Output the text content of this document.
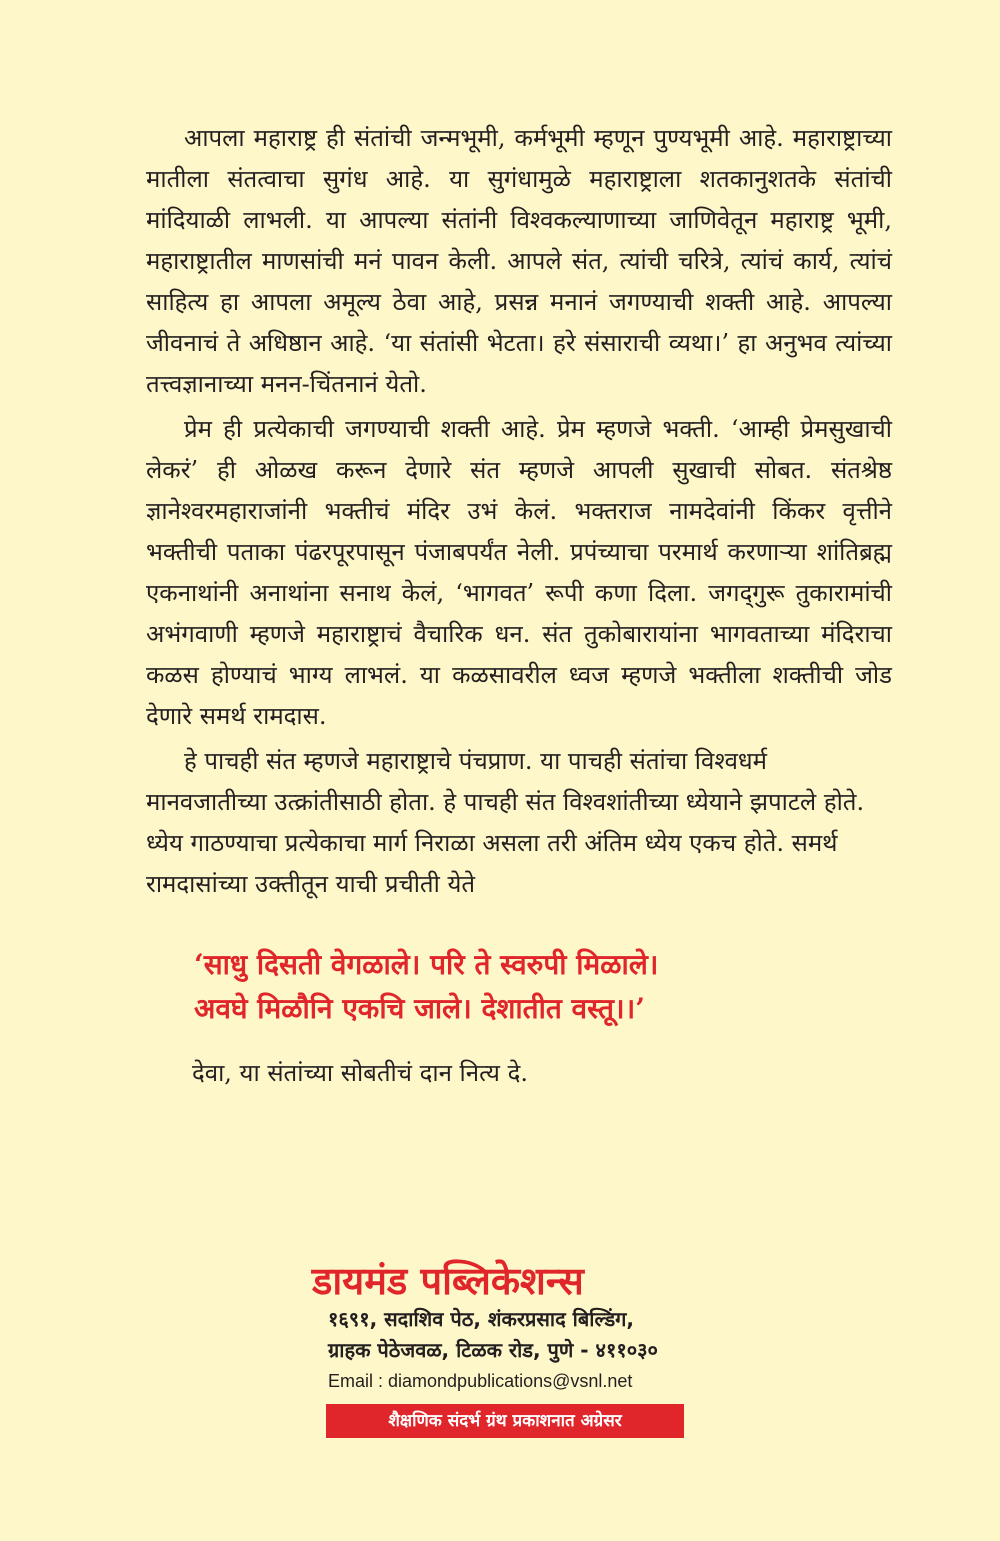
आपला महाराष्ट्र ही संतांची जन्मभूमी, कर्मभूमी म्हणून पुण्यभूमी आहे. महाराष्ट्राच्या मातीला संतत्वाचा सुगंध आहे. या सुगंधामुळे महाराष्ट्राला शतकानुशतके संतांची मांदियाळी लाभली. या आपल्या संतांनी विश्वकल्याणाच्या जाणिवेतून महाराष्ट्र भूमी, महाराष्ट्रातील माणसांची मनं पावन केली. आपले संत, त्यांची चरित्रे, त्यांचं कार्य, त्यांचं साहित्य हा आपला अमूल्य ठेवा आहे, प्रसन्न मनानं जगण्याची शक्ती आहे. आपल्या जीवनाचं ते अधिष्ठान आहे. ‘या संतांसी भेटता। हरे संसाराची व्यथा।’ हा अनुभव त्यांच्या तत्त्वज्ञानाच्या मनन-चिंतनानं येतो.

प्रेम ही प्रत्येकाची जगण्याची शक्ती आहे. प्रेम म्हणजे भक्ती. ‘आम्ही प्रेमसुखाची लेकरं’ ही ओळख करून देणारे संत म्हणजे आपली सुखाची सोबत. संतश्रेष्ठ ज्ञानेश्वरमहाराजांनी भक्तीचं मंदिर उभं केलं. भक्तराज नामदेवांनी किंकर वृत्तीने भक्तीची पताका पंढरपूरपासून पंजाबपर्यंत नेली. प्रपंच्याचा परमार्थ करणाऱ्या शांतिब्रह्म एकनाथांनी अनाथांना सनाथ केलं, ‘भागवत’ रूपी कणा दिला. जगद्‌गुरू तुकारामांची अभंगवाणी म्हणजे महाराष्ट्राचं वैचारिक धन. संत तुकोबारायांना भागवताच्या मंदिराचा कळस होण्याचं भाग्य लाभलं. या कळसावरील ध्वज म्हणजे भक्तीला शक्तीची जोड देणारे समर्थ रामदास.

हे पाचही संत म्हणजे महाराष्ट्राचे पंचप्राण. या पाचही संतांचा विश्वधर्म मानवजातीच्या उत्क्रांतीसाठी होता. हे पाचही संत विश्वशांतीच्या ध्येयाने झपाटले होते. ध्येय गाठण्याचा प्रत्येकाचा मार्ग निराळा असला तरी अंतिम ध्येय एकच होते. समर्थ रामदासांच्या उक्तीतून याची प्रचीती येते

‘साधु दिसती वेगळाले। परि ते स्वरुपी मिळाले।
अवघे मिळौनि एकचि जाले। देशातीत वस्तू।।’
देवा, या संतांच्या सोबतीचं दान नित्य दे.
डायमंड पब्लिकेशन्स
१६९१, सदाशिव पेठ, शंकरप्रसाद बिल्डिंग,
ग्राहक पेठेजवळ, टिळक रोड, पुणे - ४११०३०
Email : diamondpublications@vsnl.net
शैक्षणिक संदर्भ ग्रंथ प्रकाशनात अग्रेसर
